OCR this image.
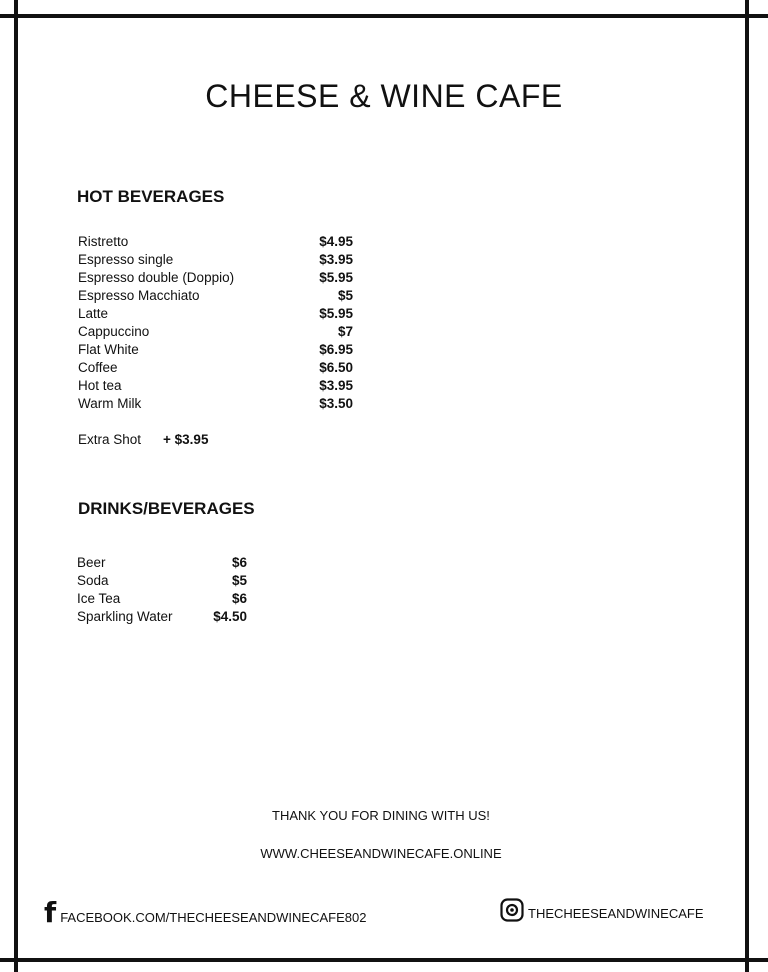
CHEESE & WINE CAFE
HOT BEVERAGES
Ristretto	$4.95
Espresso single	$3.95
Espresso double (Doppio)	$5.95
Espresso Macchiato	$5
Latte	$5.95
Cappuccino	$7
Flat White	$6.95
Coffee	$6.50
Hot tea	$3.95
Warm Milk	$3.50
Extra Shot + $3.95
DRINKS/BEVERAGES
Beer	$6
Soda	$5
Ice Tea	$6
Sparkling Water	$4.50
THANK YOU FOR DINING WITH US!
WWW.CHEESEANDWINECAFE.ONLINE
f FACEBOOK.COM/THECHEESEANDWINECAFE802	THECHEESEANDWINECAFE
